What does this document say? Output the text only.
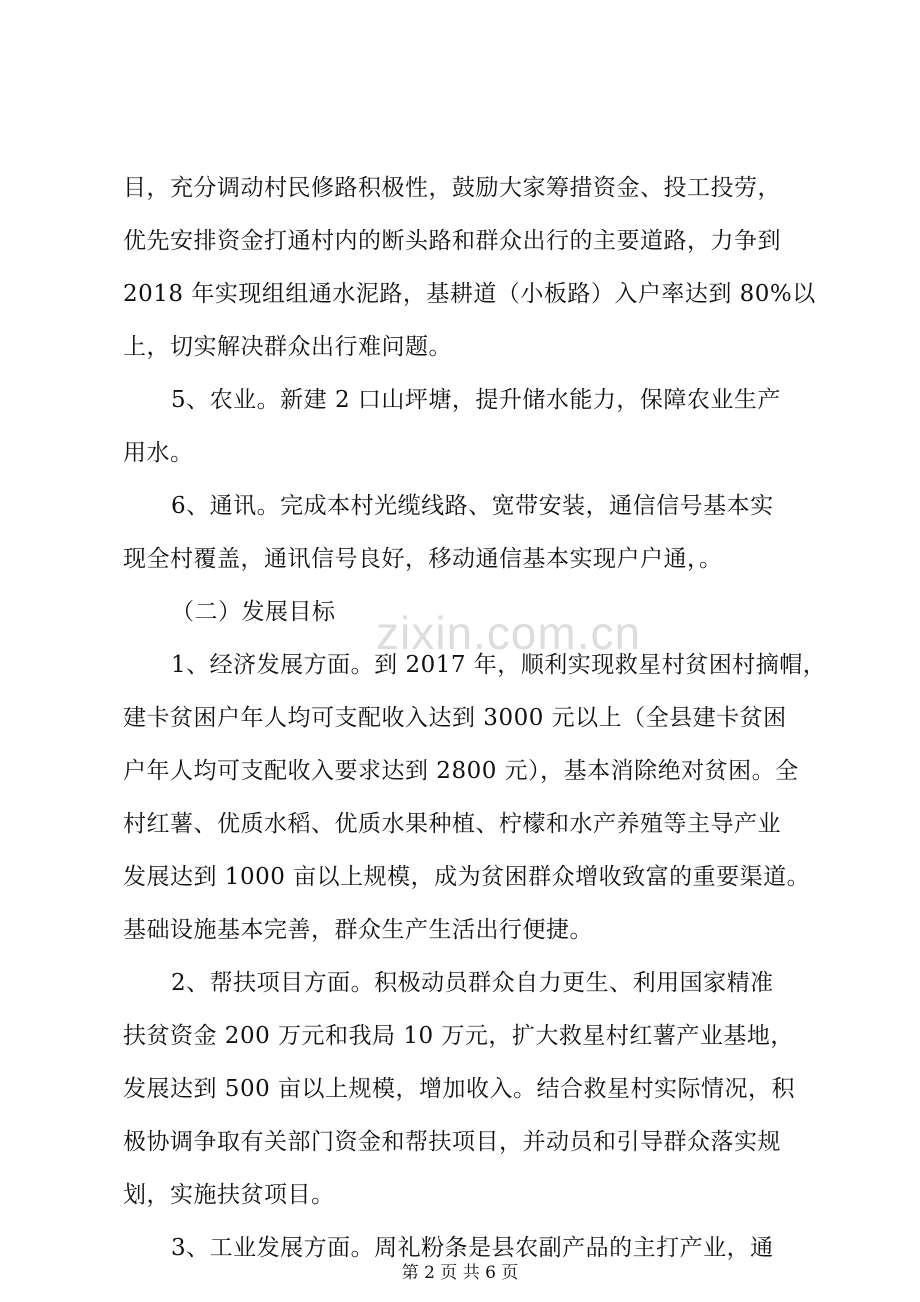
目，充分调动村民修路积极性，鼓励大家筹措资金、投工投劳，
优先安排资金打通村内的断头路和群众出行的主要道路，力争到
2018 年实现组组通水泥路，基耕道（小板路）入户率达到 80%以
上，切实解决群众出行难问题。
5、农业。新建 2 口山坪塘，提升储水能力，保障农业生产
用水。
6、通讯。完成本村光缆线路、宽带安装，通信信号基本实
现全村覆盖，通讯信号良好，移动通信基本实现户户通，。
（二）发展目标
1、经济发展方面。到 2017 年，顺利实现救星村贫困村摘帽，
建卡贫困户年人均可支配收入达到 3000 元以上（全县建卡贫困
户年人均可支配收入要求达到 2800 元），基本消除绝对贫困。全
村红薯、优质水稻、优质水果种植、柠檬和水产养殖等主导产业
发展达到 1000 亩以上规模，成为贫困群众增收致富的重要渠道。
基础设施基本完善，群众生产生活出行便捷。
2、帮扶项目方面。积极动员群众自力更生、利用国家精准
扶贫资金 200 万元和我局 10 万元，扩大救星村红薯产业基地，
发展达到 500 亩以上规模，增加收入。结合救星村实际情况，积
极协调争取有关部门资金和帮扶项目，并动员和引导群众落实规
划，实施扶贫项目。
3、工业发展方面。周礼粉条是县农副产品的主打产业，通
zixin.com.cn
第 2 页 共 6 页
